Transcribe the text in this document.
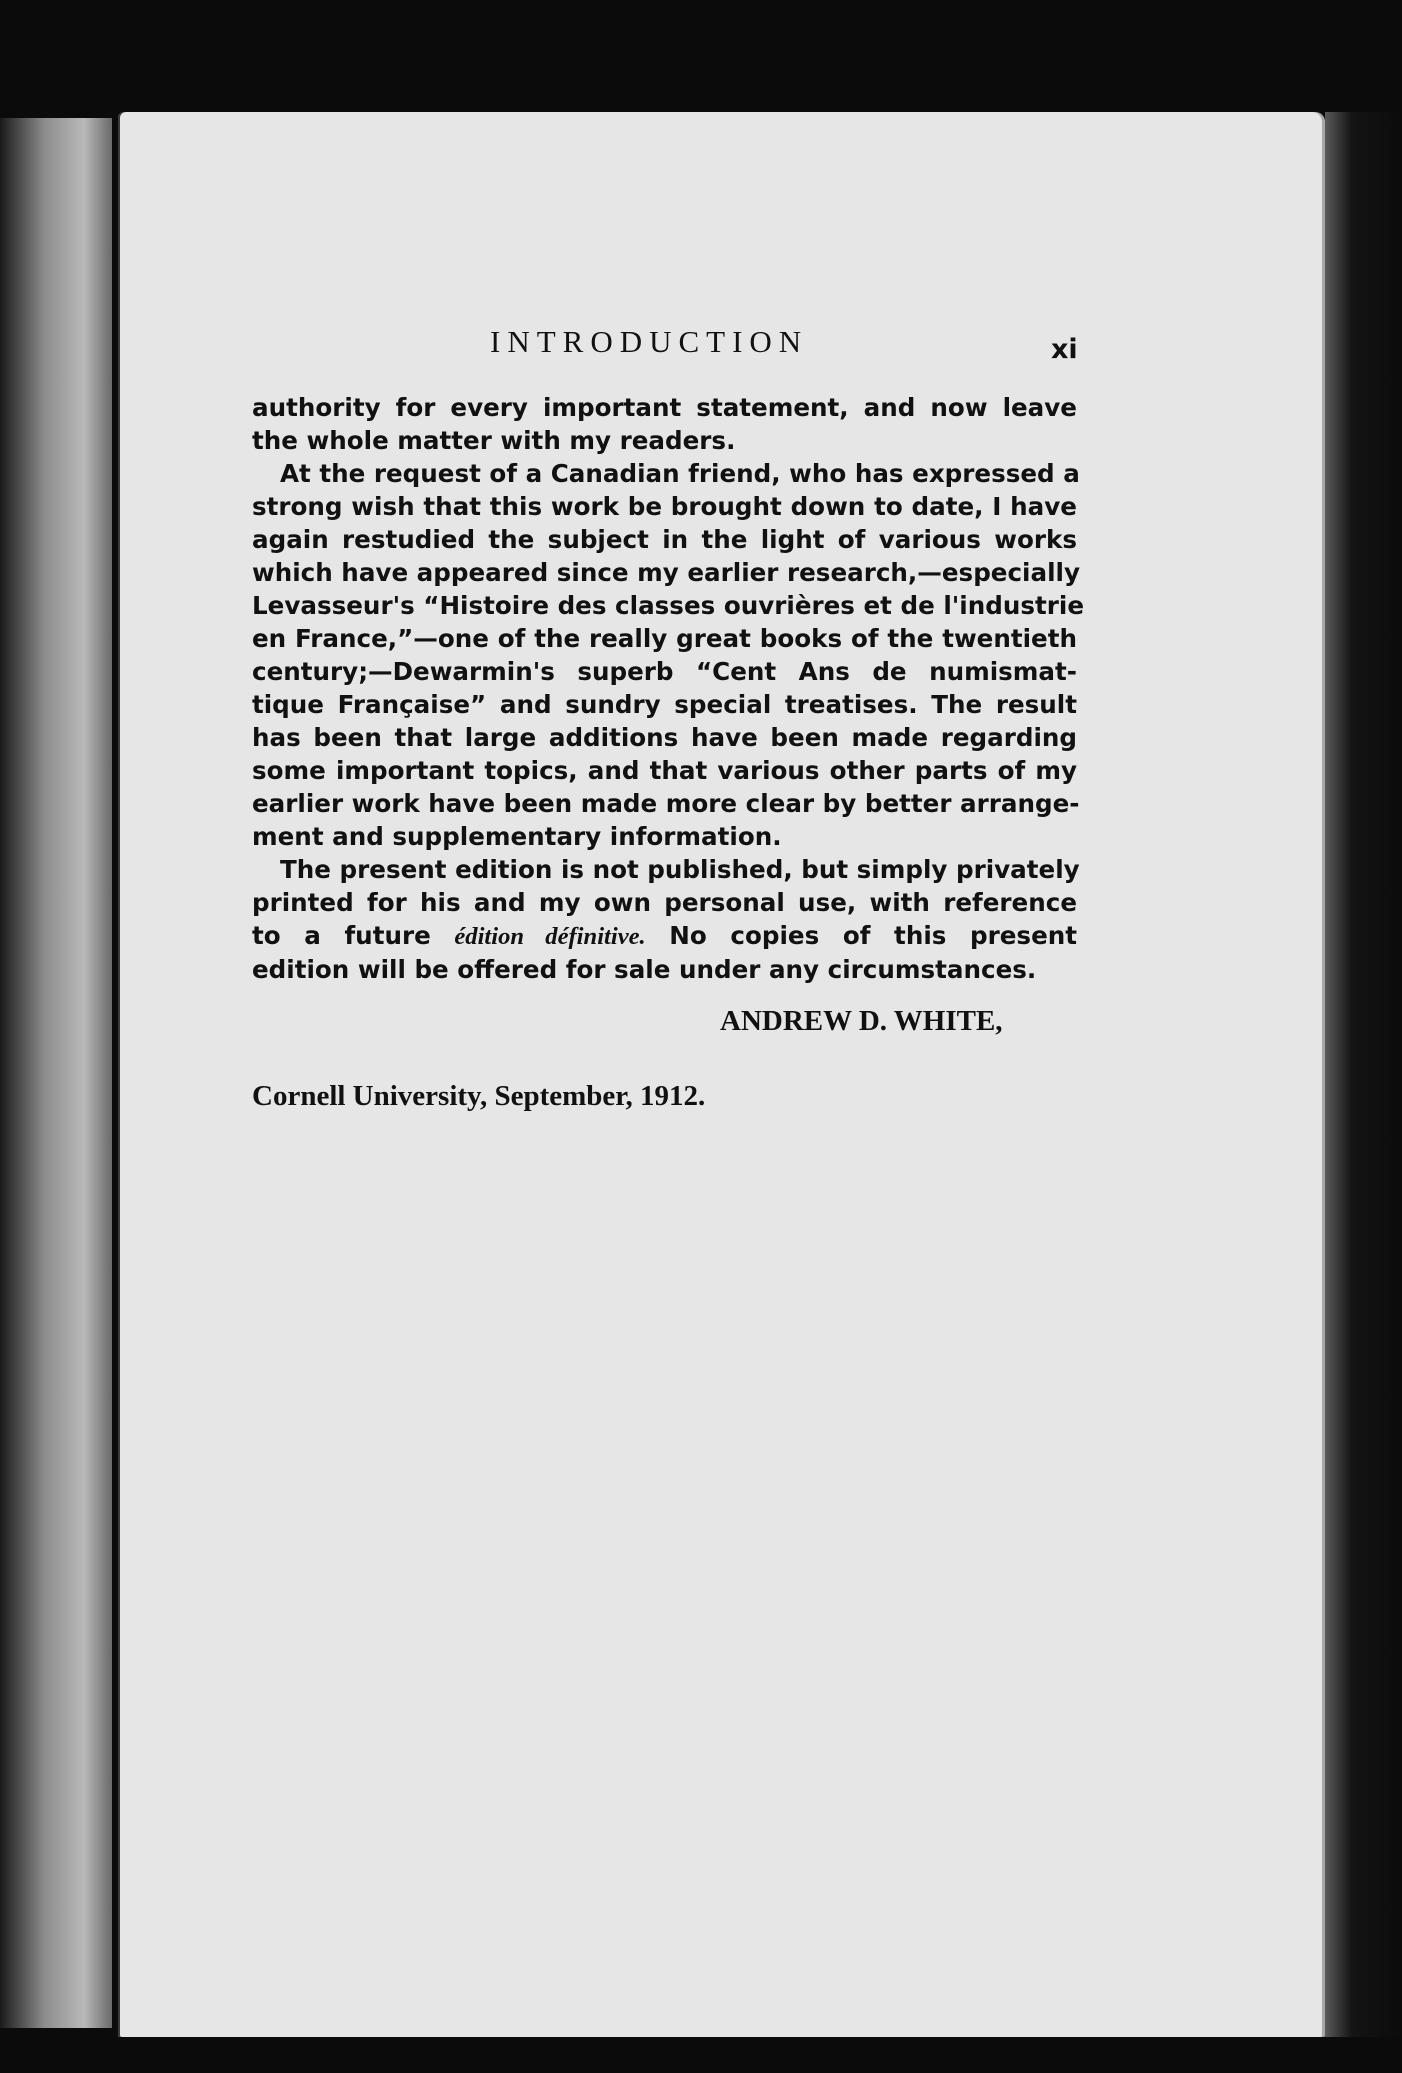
INTRODUCTION	xi
authority for every important statement, and now leave
the whole matter with my readers.
At the request of a Canadian friend, who has expressed a
strong wish that this work be brought down to date, I have
again restudied the subject in the light of various works
which have appeared since my earlier research,—especially
Levasseur's “Histoire des classes ouvrières et de l'industrie
en France,”—one of the really great books of the twentieth
century;—Dewarmin's superb “Cent Ans de numismat-
tique Française” and sundry special treatises. The result
has been that large additions have been made regarding
some important topics, and that various other parts of my
earlier work have been made more clear by better arrange-
ment and supplementary information.
The present edition is not published, but simply privately
printed for his and my own personal use, with reference
to a future édition définitive. No copies of this present
edition will be offered for sale under any circumstances.
ANDREW D. WHITE,
Cornell University, September, 1912.
